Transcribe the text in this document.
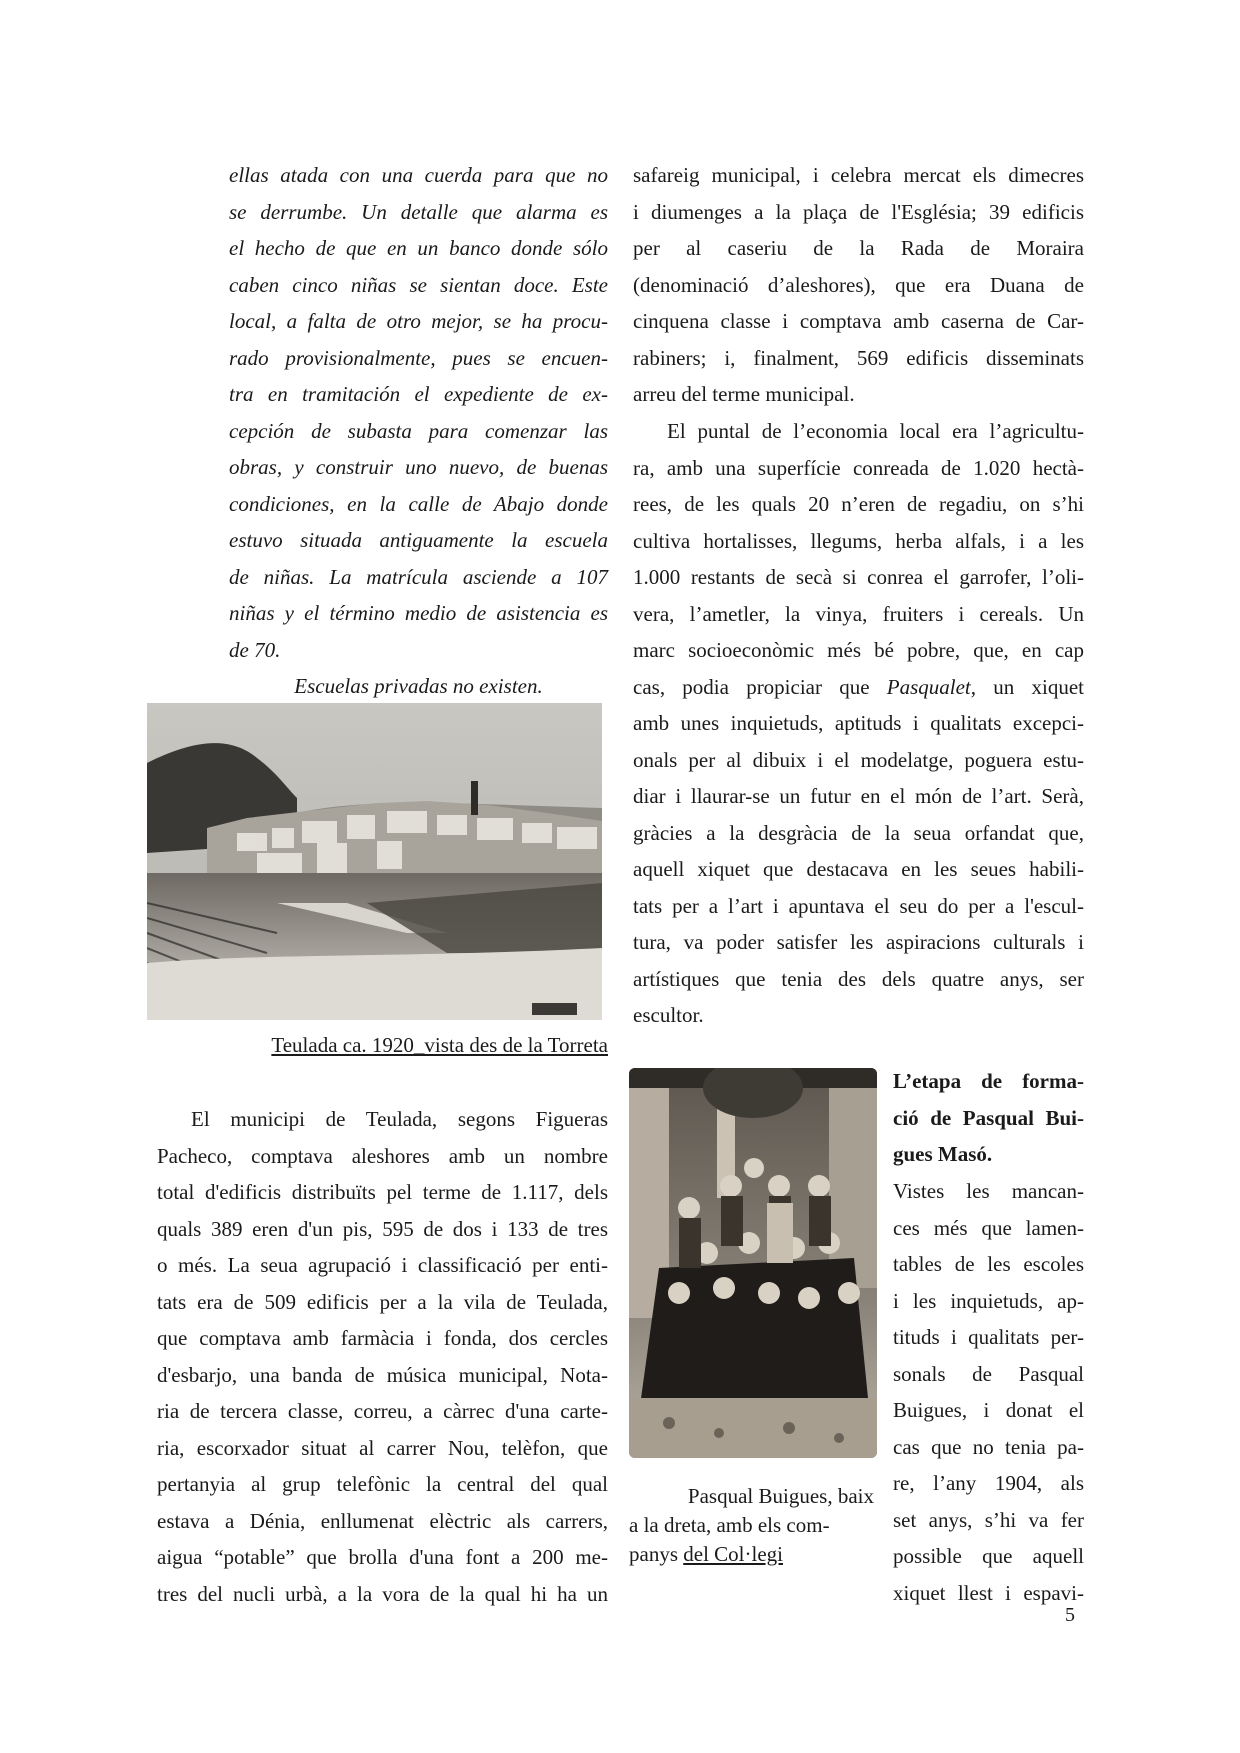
ellas atada con una cuerda para que no

se derrumbe. Un detalle que alarma es

el hecho de que en un banco donde sólo

caben cinco niñas se sientan doce. Este

local, a falta de otro mejor, se ha procu-

rado provisionalmente, pues se encuen-

tra en tramitación el expediente de ex-

cepción de subasta para comenzar las

obras, y construir uno nuevo, de buenas

condiciones, en la calle de Abajo donde

estuvo situada antiguamente la escuela

de niñas. La matrícula asciende a 107

niñas y el término medio de asistencia es

de 70.

Escuelas privadas no existen.

Teulada ca. 1920_vista des de la Torreta

El municipi de Teulada, segons Figueras

Pacheco, comptava aleshores amb un nombre

total d'edificis distribuïts pel terme de 1.117, dels

quals 389 eren d'un pis, 595 de dos i 133 de tres

o més. La seua agrupació i classificació per enti-

tats era de 509 edificis per a la vila de Teulada,

que comptava amb farmàcia i fonda, dos cercles

d'esbarjo, una banda de música municipal, Nota-

ria de tercera classe, correu, a càrrec d'una carte-

ria, escorxador situat al carrer Nou, telèfon, que

pertanyia al grup telefònic la central del qual

estava a Dénia, enllumenat elèctric als carrers,

aigua “potable” que brolla d'una font a 200 me-

tres del nucli urbà, a la vora de la qual hi ha un

safareig municipal, i celebra mercat els dimecres

i diumenges a la plaça de l'Església; 39 edificis

per al caseriu de la Rada de Moraira

(denominació d’aleshores), que era Duana de

cinquena classe i comptava amb caserna de Car-

rabiners; i, finalment, 569 edificis disseminats

arreu del terme municipal.

El puntal de l’economia local era l’agricultu-

ra, amb una superfície conreada de 1.020 hectà-

rees, de les quals 20 n’eren de regadiu, on s’hi

cultiva hortalisses, llegums, herba alfals, i a les

1.000 restants de secà si conrea el garrofer, l’oli-

vera, l’ametler, la vinya, fruiters i cereals. Un

marc socioeconòmic més bé pobre, que, en cap

cas, podia propiciar que Pasqualet, un xiquet

amb unes inquietuds, aptituds i qualitats excepci-

onals per al dibuix i el modelatge, poguera estu-

diar i llaurar-se un futur en el món de l’art. Serà,

gràcies a la desgràcia de la seua orfandat que,

aquell xiquet que destacava en les seues habili-

tats per a l’art i apuntava el seu do per a l'escul-

tura, va poder satisfer les aspiracions culturals i

artístiques que tenia des dels quatre anys, ser

escultor.

Pasqual Buigues, baix
a la dreta, amb els com-
panys del Col·legi

L’etapa de forma-

ció de Pasqual Bui-

gues Masó.

Vistes les mancan-

ces més que lamen-

tables de les escoles

i les inquietuds, ap-

tituds i qualitats per-

sonals de Pasqual

Buigues, i donat el

cas que no tenia pa-

re, l’any 1904, als

set anys, s’hi va fer

possible que aquell

xiquet llest i espavi-

5
